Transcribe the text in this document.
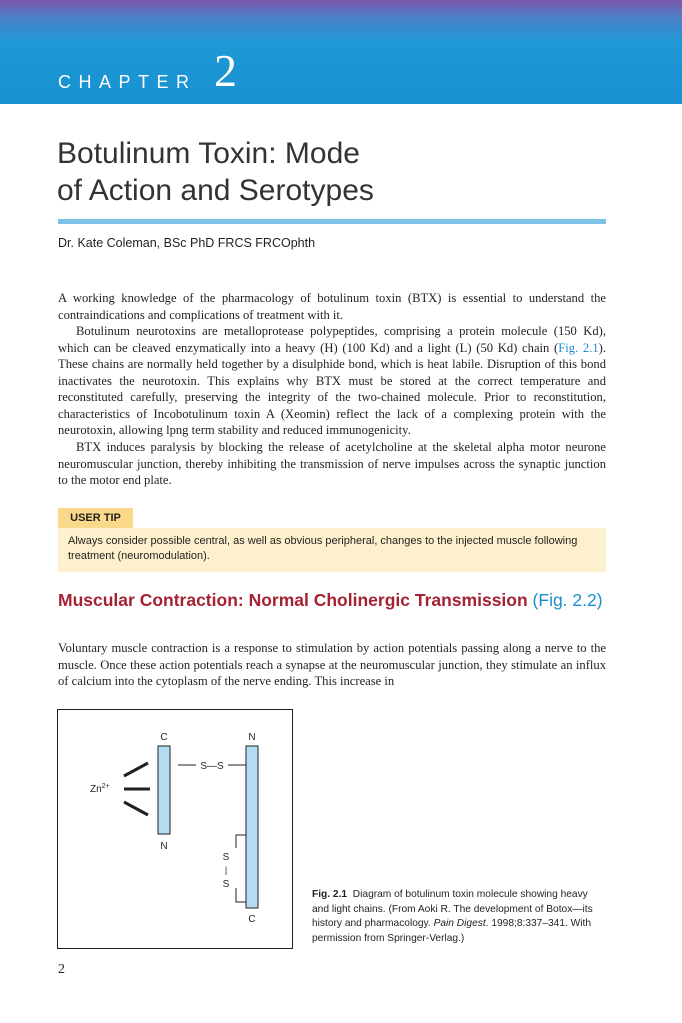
CHAPTER 2
Botulinum Toxin: Mode
of Action and Serotypes
Dr. Kate Coleman, BSc PhD FRCS FRCOphth

A working knowledge of the pharmacology of botulinum toxin (BTX) is essential to understand the contraindications and complications of treatment with it.

Botulinum neurotoxins are metalloprotease polypeptides, comprising a protein molecule (150 Kd), which can be cleaved enzymatically into a heavy (H) (100 Kd) and a light (L) (50 Kd) chain (Fig. 2.1). These chains are normally held together by a disulphide bond, which is heat labile. Disruption of this bond inactivates the neurotoxin. This explains why BTX must be stored at the correct temperature and reconstituted carefully, preserving the integrity of the two-chained molecule. Prior to reconstitution, characteristics of Incobotulinum toxin A (Xeomin) reflect the lack of a complexing protein with the neurotoxin, allowing lpng term stability and reduced immunogenicity.

BTX induces paralysis by blocking the release of acetylcholine at the skeletal alpha motor neurone neuromuscular junction, thereby inhibiting the transmission of nerve impulses across the synaptic junction to the motor end plate.

USER TIP
Always consider possible central, as well as obvious peripheral, changes to the injected muscle following treatment (neuromodulation).
Muscular Contraction: Normal Cholinergic Transmission (Fig. 2.2)

Voluntary muscle contraction is a response to stimulation by action potentials passing along a nerve to the muscle. Once these action potentials reach a synapse at the neuromuscular junction, they stimulate an influx of calcium into the cytoplasm of the nerve ending. This increase in

C	N
N
C
S—S
S
|
S
$Zn^{2+}$

Fig. 2.1 Diagram of botulinum toxin molecule showing heavy and light chains. (From Aoki R. The development of Botox—its history and pharmacology. Pain Digest. 1998;8:337–341. With permission from Springer-Verlag.)

2
